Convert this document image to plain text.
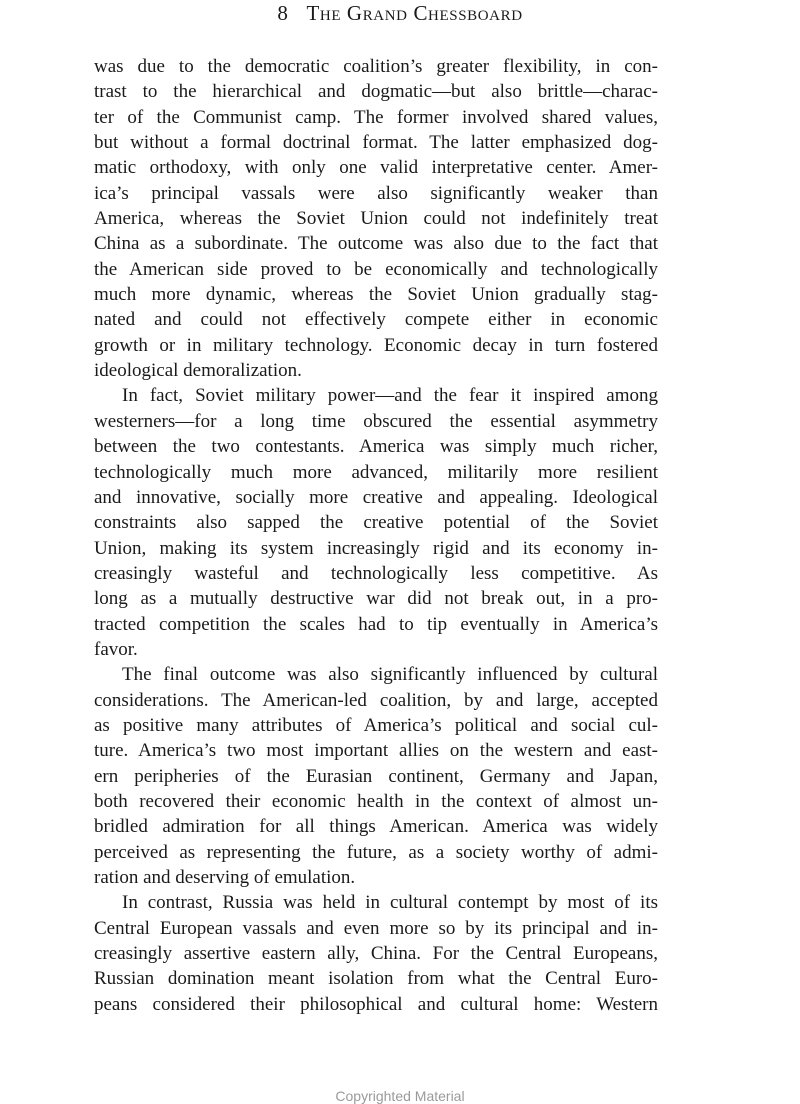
8 The Grand Chessboard
was due to the democratic coalition’s greater flexibility, in con-
trast to the hierarchical and dogmatic—but also brittle—charac-
ter of the Communist camp. The former involved shared values,
but without a formal doctrinal format. The latter emphasized dog-
matic orthodoxy, with only one valid interpretative center. Amer-
ica’s principal vassals were also significantly weaker than
America, whereas the Soviet Union could not indefinitely treat
China as a subordinate. The outcome was also due to the fact that
the American side proved to be economically and technologically
much more dynamic, whereas the Soviet Union gradually stag-
nated and could not effectively compete either in economic
growth or in military technology. Economic decay in turn fostered
ideological demoralization.
In fact, Soviet military power—and the fear it inspired among
westerners—for a long time obscured the essential asymmetry
between the two contestants. America was simply much richer,
technologically much more advanced, militarily more resilient
and innovative, socially more creative and appealing. Ideological
constraints also sapped the creative potential of the Soviet
Union, making its system increasingly rigid and its economy in-
creasingly wasteful and technologically less competitive. As
long as a mutually destructive war did not break out, in a pro-
tracted competition the scales had to tip eventually in America’s
favor.
The final outcome was also significantly influenced by cultural
considerations. The American-led coalition, by and large, accepted
as positive many attributes of America’s political and social cul-
ture. America’s two most important allies on the western and east-
ern peripheries of the Eurasian continent, Germany and Japan,
both recovered their economic health in the context of almost un-
bridled admiration for all things American. America was widely
perceived as representing the future, as a society worthy of admi-
ration and deserving of emulation.
In contrast, Russia was held in cultural contempt by most of its
Central European vassals and even more so by its principal and in-
creasingly assertive eastern ally, China. For the Central Europeans,
Russian domination meant isolation from what the Central Euro-
peans considered their philosophical and cultural home: Western
Copyrighted Material
